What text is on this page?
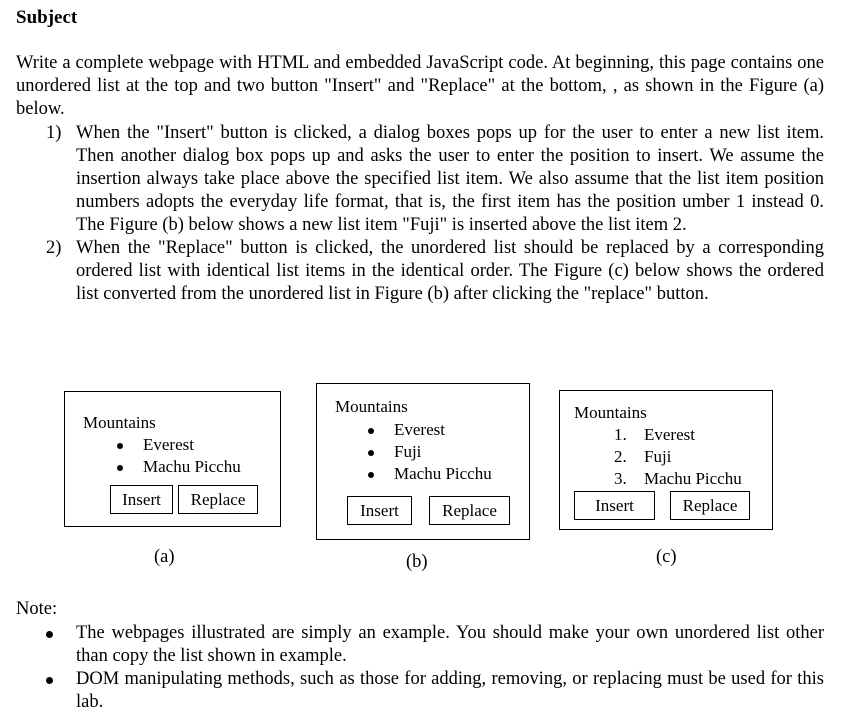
Subject

Write a complete webpage with HTML and embedded JavaScript code. At beginning, this page contains one unordered list at the top and two button "Insert" and "Replace" at the bottom, , as shown in the Figure (a) below.

1) When the "Insert" button is clicked, a dialog boxes pops up for the user to enter a new list item. Then another dialog box pops up and asks the user to enter the position to insert. We assume the insertion always take place above the specified list item. We also assume that the list item position numbers adopts the everyday life format, that is, the first item has the position umber 1 instead 0. The Figure (b) below shows a new list item "Fuji" is inserted above the list item 2.
2) When the "Replace" button is clicked, the unordered list should be replaced by a corresponding ordered list with identical list items in the identical order. The Figure (c) below shows the ordered list converted from the unordered list in Figure (b) after clicking the "replace" button.
Mountains
Everest
Machu Picchu
Insert	Replace
(a)
Mountains
Everest
Fuji
Machu Picchu
Insert	Replace
(b)
Mountains
1. Everest
2. Fuji
3. Machu Picchu
Insert	Replace
(c)
Note:
The webpages illustrated are simply an example. You should make your own unordered list other than copy the list shown in example.
DOM manipulating methods, such as those for adding, removing, or replacing must be used for this lab.
